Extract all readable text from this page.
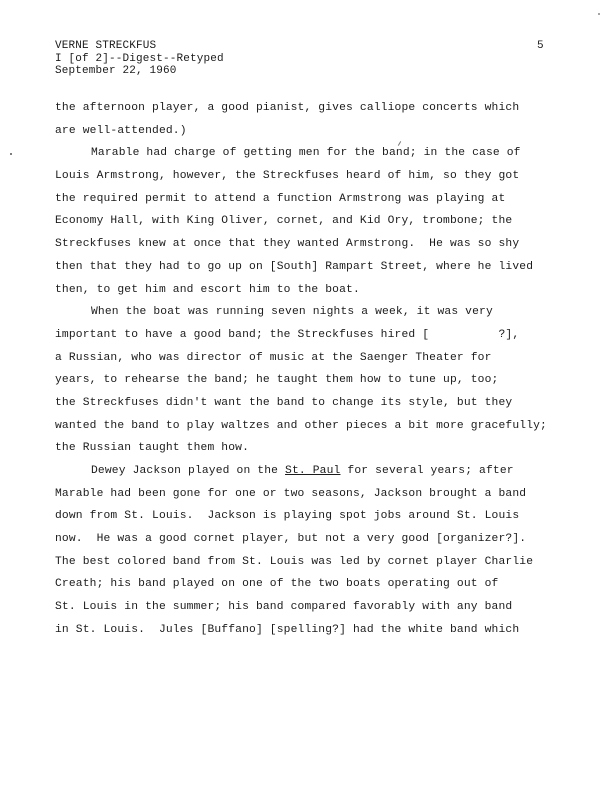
VERNE STRECKFUS
I [of 2]--Digest--Retyped
September 22, 1960
5
the afternoon player, a good pianist, gives calliope concerts which
are well-attended.)
Marable had charge of getting men for the band; in the case of
Louis Armstrong, however, the Streckfuses heard of him, so they got
the required permit to attend a function Armstrong was playing at
Economy Hall, with King Oliver, cornet, and Kid Ory, trombone; the
Streckfuses knew at once that they wanted Armstrong.  He was so shy
then that they had to go up on [South] Rampart Street, where he lived
then, to get him and escort him to the boat.
When the boat was running seven nights a week, it was very
important to have a good band; the Streckfuses hired [          ?],
a Russian, who was director of music at the Saenger Theater for
years, to rehearse the band; he taught them how to tune up, too;
the Streckfuses didn't want the band to change its style, but they
wanted the band to play waltzes and other pieces a bit more gracefully;
the Russian taught them how.
Dewey Jackson played on the St. Paul for several years; after
Marable had been gone for one or two seasons, Jackson brought a band
down from St. Louis.  Jackson is playing spot jobs around St. Louis
now.  He was a good cornet player, but not a very good [organizer?].
The best colored band from St. Louis was led by cornet player Charlie
Creath; his band played on one of the two boats operating out of
St. Louis in the summer; his band compared favorably with any band
in St. Louis.  Jules [Buffano] [spelling?] had the white band which
